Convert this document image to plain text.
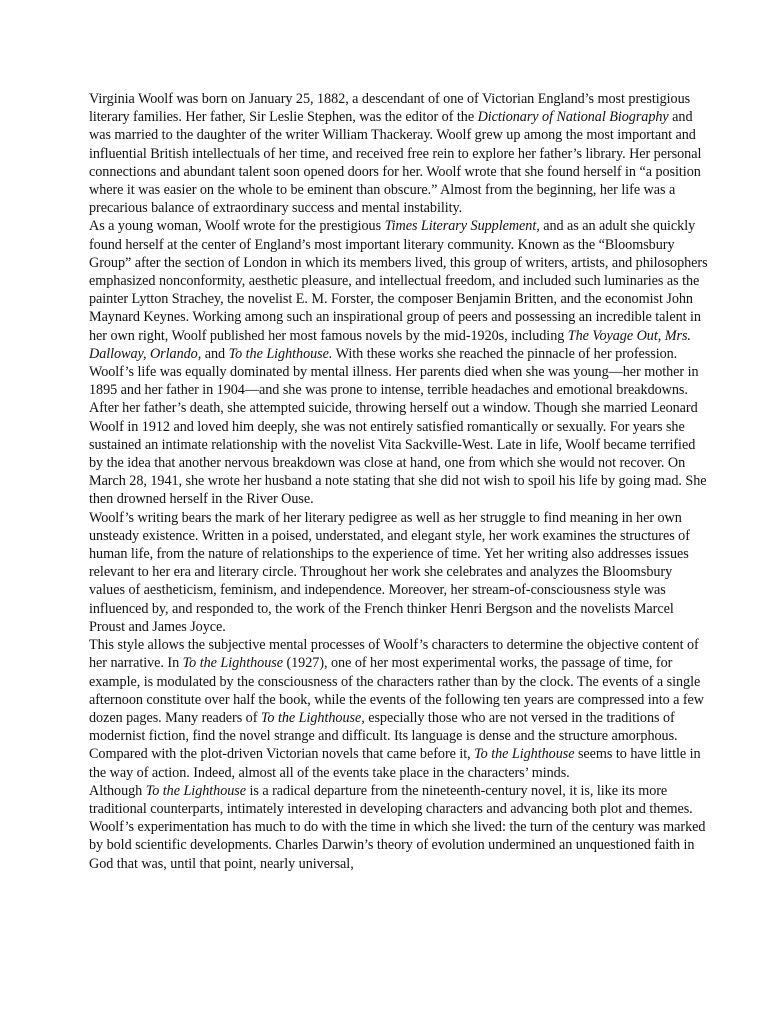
Virginia Woolf was born on January 25, 1882, a descendant of one of Victorian England’s most prestigious literary families. Her father, Sir Leslie Stephen, was the editor of the Dictionary of National Biography and was married to the daughter of the writer William Thackeray. Woolf grew up among the most important and influential British intellectuals of her time, and received free rein to explore her father’s library. Her personal connections and abundant talent soon opened doors for her. Woolf wrote that she found herself in “a position where it was easier on the whole to be eminent than obscure.” Almost from the beginning, her life was a precarious balance of extraordinary success and mental instability.

As a young woman, Woolf wrote for the prestigious Times Literary Supplement, and as an adult she quickly found herself at the center of England’s most important literary community. Known as the “Bloomsbury Group” after the section of London in which its members lived, this group of writers, artists, and philosophers emphasized nonconformity, aesthetic pleasure, and intellectual freedom, and included such luminaries as the painter Lytton Strachey, the novelist E. M. Forster, the composer Benjamin Britten, and the economist John Maynard Keynes. Working among such an inspirational group of peers and possessing an incredible talent in her own right, Woolf published her most famous novels by the mid-1920s, including The Voyage Out, Mrs. Dalloway, Orlando, and To the Lighthouse. With these works she reached the pinnacle of her profession.

Woolf’s life was equally dominated by mental illness. Her parents died when she was young—her mother in 1895 and her father in 1904—and she was prone to intense, terrible headaches and emotional breakdowns. After her father’s death, she attempted suicide, throwing herself out a window. Though she married Leonard Woolf in 1912 and loved him deeply, she was not entirely satisfied romantically or sexually. For years she sustained an intimate relationship with the novelist Vita Sackville-West. Late in life, Woolf became terrified by the idea that another nervous breakdown was close at hand, one from which she would not recover. On March 28, 1941, she wrote her husband a note stating that she did not wish to spoil his life by going mad. She then drowned herself in the River Ouse.

Woolf’s writing bears the mark of her literary pedigree as well as her struggle to find meaning in her own unsteady existence. Written in a poised, understated, and elegant style, her work examines the structures of human life, from the nature of relationships to the experience of time. Yet her writing also addresses issues relevant to her era and literary circle. Throughout her work she celebrates and analyzes the Bloomsbury values of aestheticism, feminism, and independence. Moreover, her stream-of-consciousness style was influenced by, and responded to, the work of the French thinker Henri Bergson and the novelists Marcel Proust and James Joyce.

This style allows the subjective mental processes of Woolf’s characters to determine the objective content of her narrative. In To the Lighthouse (1927), one of her most experimental works, the passage of time, for example, is modulated by the consciousness of the characters rather than by the clock. The events of a single afternoon constitute over half the book, while the events of the following ten years are compressed into a few dozen pages. Many readers of To the Lighthouse, especially those who are not versed in the traditions of modernist fiction, find the novel strange and difficult. Its language is dense and the structure amorphous. Compared with the plot-driven Victorian novels that came before it, To the Lighthouse seems to have little in the way of action. Indeed, almost all of the events take place in the characters’ minds.

Although To the Lighthouse is a radical departure from the nineteenth-century novel, it is, like its more traditional counterparts, intimately interested in developing characters and advancing both plot and themes. Woolf’s experimentation has much to do with the time in which she lived: the turn of the century was marked by bold scientific developments. Charles Darwin’s theory of evolution undermined an unquestioned faith in God that was, until that point, nearly universal,
